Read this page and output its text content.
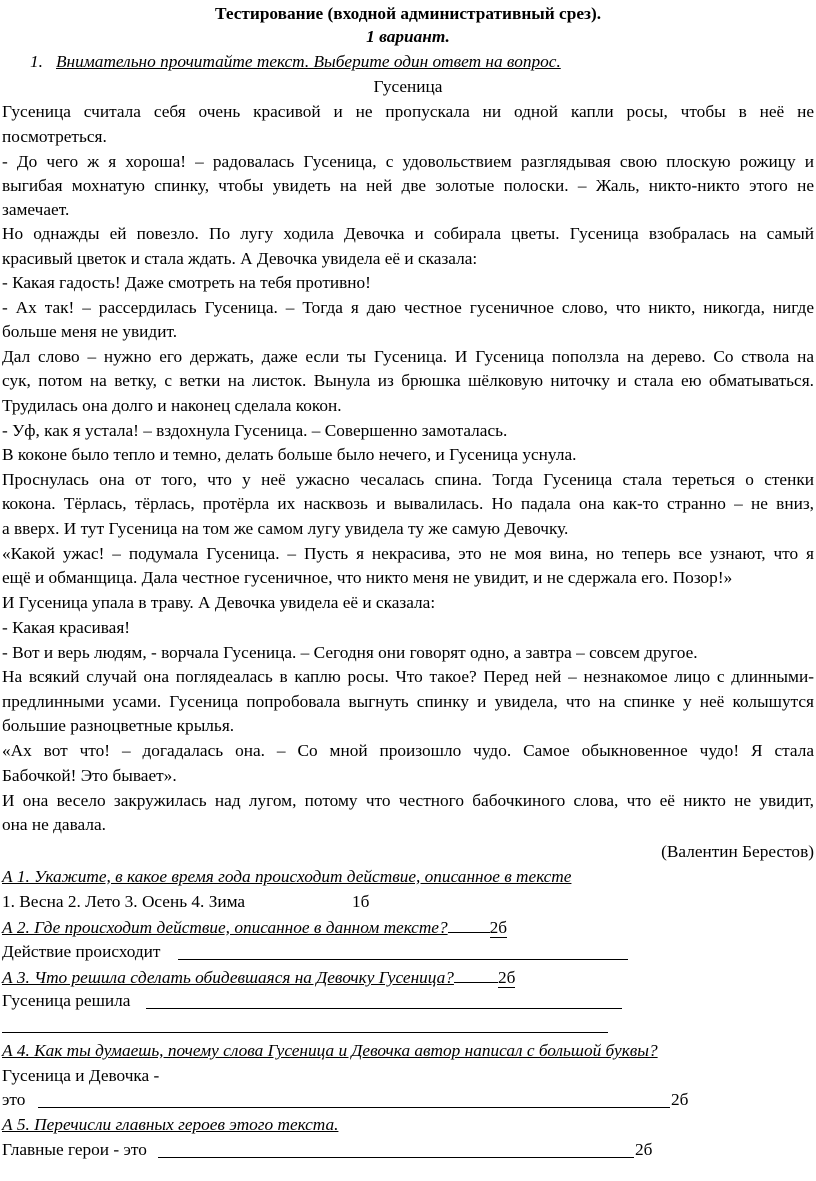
Тестирование (входной административный срез).
1 вариант.
1. Внимательно прочитайте текст. Выберите один ответ на вопрос.
Гусеница
Гусеница считала себя очень красивой и не пропускала ни одной капли росы, чтобы в неё не
посмотреться.
- До чего ж я хороша! – радовалась Гусеница, с удовольствием разглядывая свою плоскую рожицу и
выгибая мохнатую спинку, чтобы увидеть на ней две золотые полоски. – Жаль, никто-никто этого не
замечает.
Но однажды ей повезло. По лугу ходила Девочка и собирала цветы. Гусеница взобралась на самый
красивый цветок и стала ждать. А Девочка увидела её и сказала:
- Какая гадость! Даже смотреть на тебя противно!
- Ах так! – рассердилась Гусеница. – Тогда я даю честное гусеничное слово, что никто, никогда, нигде
больше меня не увидит.
Дал слово – нужно его держать, даже если ты Гусеница. И Гусеница поползла на дерево. Со ствола на
сук, потом на ветку, с ветки на листок. Вынула из брюшка шёлковую ниточку и стала ею обматываться.
Трудилась она долго и наконец сделала кокон.
- Уф, как я устала! – вздохнула Гусеница. – Совершенно замоталась.
В коконе было тепло и темно, делать больше было нечего, и Гусеница уснула.
Проснулась она от того, что у неё ужасно чесалась спина. Тогда Гусеница стала тереться о стенки
кокона. Тёрлась, тёрлась, протёрла их насквозь и вывалилась. Но падала она как-то странно – не вниз,
а вверх. И тут Гусеница на том же самом лугу увидела ту же самую Девочку.
«Какой ужас! – подумала Гусеница. – Пусть я некрасива, это не моя вина, но теперь все узнают, что я
ещё и обманщица. Дала честное гусеничное, что никто меня не увидит, и не сдержала его. Позор!»
И Гусеница упала в траву. А Девочка увидела её и сказала:
- Какая красивая!
- Вот и верь людям, - ворчала Гусеница. – Сегодня они говорят одно, а завтра – совсем другое.
На всякий случай она поглядеалась в каплю росы. Что такое? Перед ней – незнакомое лицо с длинными-
предлинными усами. Гусеница попробовала выгнуть спинку и увидела, что на спинке у неё колышутся
большие разноцветные крылья.
«Ах вот что! – догадалась она. – Со мной произошло чудо. Самое обыкновенное чудо! Я стала
Бабочкой! Это бывает».
И она весело закружилась над лугом, потому что честного бабочкиного слова, что её никто не увидит,
она не давала.
(Валентин Берестов)
А 1. Укажите, в какое время года происходит действие, описанное в тексте
1. Весна 2. Лето 3. Осень 4. Зима	1б
А 2. Где происходит действие, описанное в данном тексте? 2б
Действие происходит
А 3. Что решила сделать обидевшаяся на Девочку Гусеница?	2б
Гусеница решила
А 4. Как ты думаешь, почему слова Гусеница и Девочка автор написал с большой буквы?
Гусеница и Девочка -
это	2б
А 5. Перечисли главных героев этого текста.
Главные герои - это	2б
